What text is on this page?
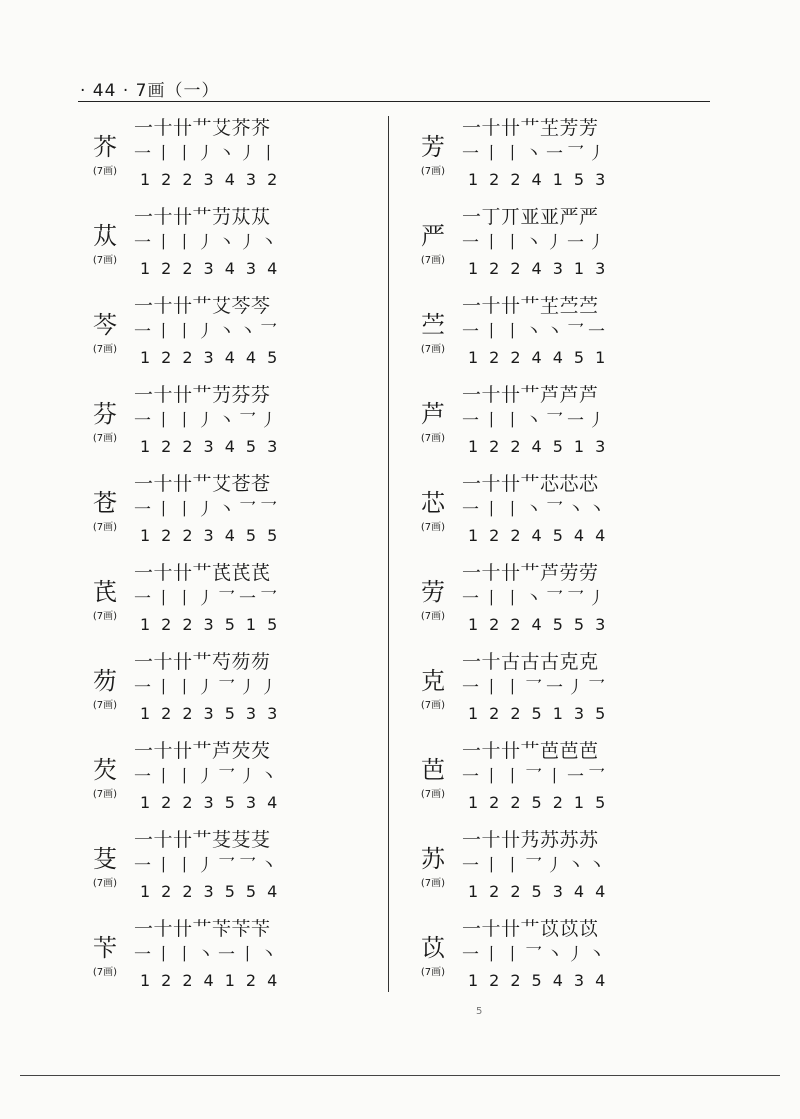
· 44 · 7画（一）
一十卄艹艾芥芥
芥
(7画)
一丨丨丿丶丿丨
1223432
一十卄艹芀苁苁
苁
(7画)
一丨丨丿丶丿丶
1223434
一十卄艹艾芩芩
芩
(7画)
一丨丨丿丶丶乛
1223445
一十卄艹芀芬芬
芬
(7画)
一丨丨丿丶乛丿
1223453
一十卄艹艾苍苍
苍
(7画)
一丨丨丿丶乛乛
1223455
一十卄艹芪芪芪
芪
(7画)
一丨丨丿乛一乛
1223515
一十卄艹芍芴芴
芴
(7画)
一丨丨丿乛丿丿
1223533
一十卄艹芦芡芡
芡
(7画)
一丨丨丿乛丿丶
1223534
一十卄艹芟芟芟
芟
(7画)
一丨丨丿乛乛丶
1223554
一十卄艹苄苄苄
苄
(7画)
一丨丨丶一丨丶
1224124
一十卄艹芏芳芳
芳
(7画)
一丨丨丶一乛丿
1224153
一丁丌亚亚严严
严
(7画)
一丨丨丶丿一丿
1224313
一十卄艹芏苎苎
苎
(7画)
一丨丨丶丶乛一
1224451
一十卄艹芦芦芦
芦
(7画)
一丨丨丶乛一丿
1224513
一十卄艹芯芯芯
芯
(7画)
一丨丨丶乛丶丶
1224544
一十卄艹芦劳劳
劳
(7画)
一丨丨丶乛乛丿
1224553
一十古古古克克
克
(7画)
一丨丨乛一丿乛
1225135
一十卄艹芭芭芭
芭
(7画)
一丨丨乛丨一乛
1225215
一十卄艿苏苏苏
苏
(7画)
一丨丨乛丿丶丶
1225344
一十卄艹苡苡苡
苡
(7画)
一丨丨乛丶丿丶
1225434
5
